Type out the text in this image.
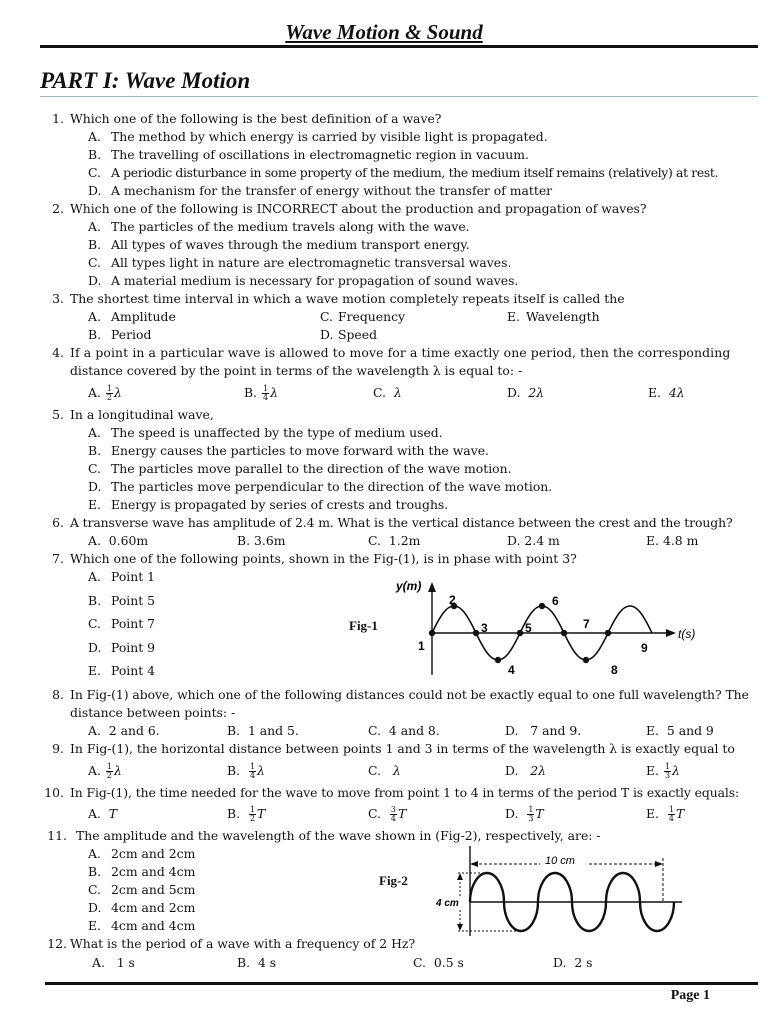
Wave Motion & Sound
PART I: Wave Motion
1. Which one of the following is the best definition of a wave?
A. The method by which energy is carried by visible light is propagated.
B. The travelling of oscillations in electromagnetic region in vacuum.
C. A periodic disturbance in some property of the medium, the medium itself remains (relatively) at rest.
D. A mechanism for the transfer of energy without the transfer of matter
2. Which one of the following is INCORRECT about the production and propagation of waves?
A. The particles of the medium travels along with the wave.
B. All types of waves through the medium transport energy.
C. All types light in nature are electromagnetic transversal waves.
D. A material medium is necessary for propagation of sound waves.
3. The shortest time interval in which a wave motion completely repeats itself is called the
A. Amplitude	C. Frequency	E. Wavelength
B. Period	D. Speed
4. If a point in a particular wave is allowed to move for a time exactly one period, then the corresponding
distance covered by the point in terms of the wavelength λ is equal to: -
A. $\frac{1}{2}$ λ	B. $\frac{1}{4}$ λ	C. λ	D. 2λ	E. 4λ
5. In a longitudinal wave,
A. The speed is unaffected by the type of medium used.
B. Energy causes the particles to move forward with the wave.
C. The particles move parallel to the direction of the wave motion.
D. The particles move perpendicular to the direction of the wave motion.
E. Energy is propagated by series of crests and troughs.
6. A transverse wave has amplitude of 2.4 m. What is the vertical distance between the crest and the trough?
A. 0.60m	B. 3.6m	C. 1.2m	D. 2.4 m	E. 4.8 m
7. Which one of the following points, shown in the Fig-(1), is in phase with point 3?
A. Point 1
B. Point 5
C. Point 7
D. Point 9
E. Point 4
Fig-1
y(m)
t(s)
1
2
3
4
5
6
7
8
9
8. In Fig-(1) above, which one of the following distances could not be exactly equal to one full wavelength? The
distance between points: -
A. 2 and 6.	B. 1 and 5.	C. 4 and 8.	D. 7 and 9.	E. 5 and 9
9. In Fig-(1), the horizontal distance between points 1 and 3 in terms of the wavelength λ is exactly equal to
A. $\frac{1}{2}$ λ	B. $\frac{1}{4}$ λ	C. λ	D. 2λ	E. $\frac{1}{3}$ λ
10. In Fig-(1), the time needed for the wave to move from point 1 to 4 in terms of the period T is exactly equals:
A. T	B. $\frac{1}{2}$ T	C. $\frac{3}{4}$ T	D. $\frac{1}{3}$ T	E. $\frac{1}{4}$ T
11. The amplitude and the wavelength of the wave shown in (Fig-2), respectively, are: -
A. 2cm and 2cm
B. 2cm and 4cm
C. 2cm and 5cm
D. 4cm and 2cm
E. 4cm and 4cm
Fig-2
10 cm
4 cm
12. What is the period of a wave with a frequency of 2 Hz?
A. 1 s	B. 4 s	C. 0.5 s	D. 2 s
Page 1
